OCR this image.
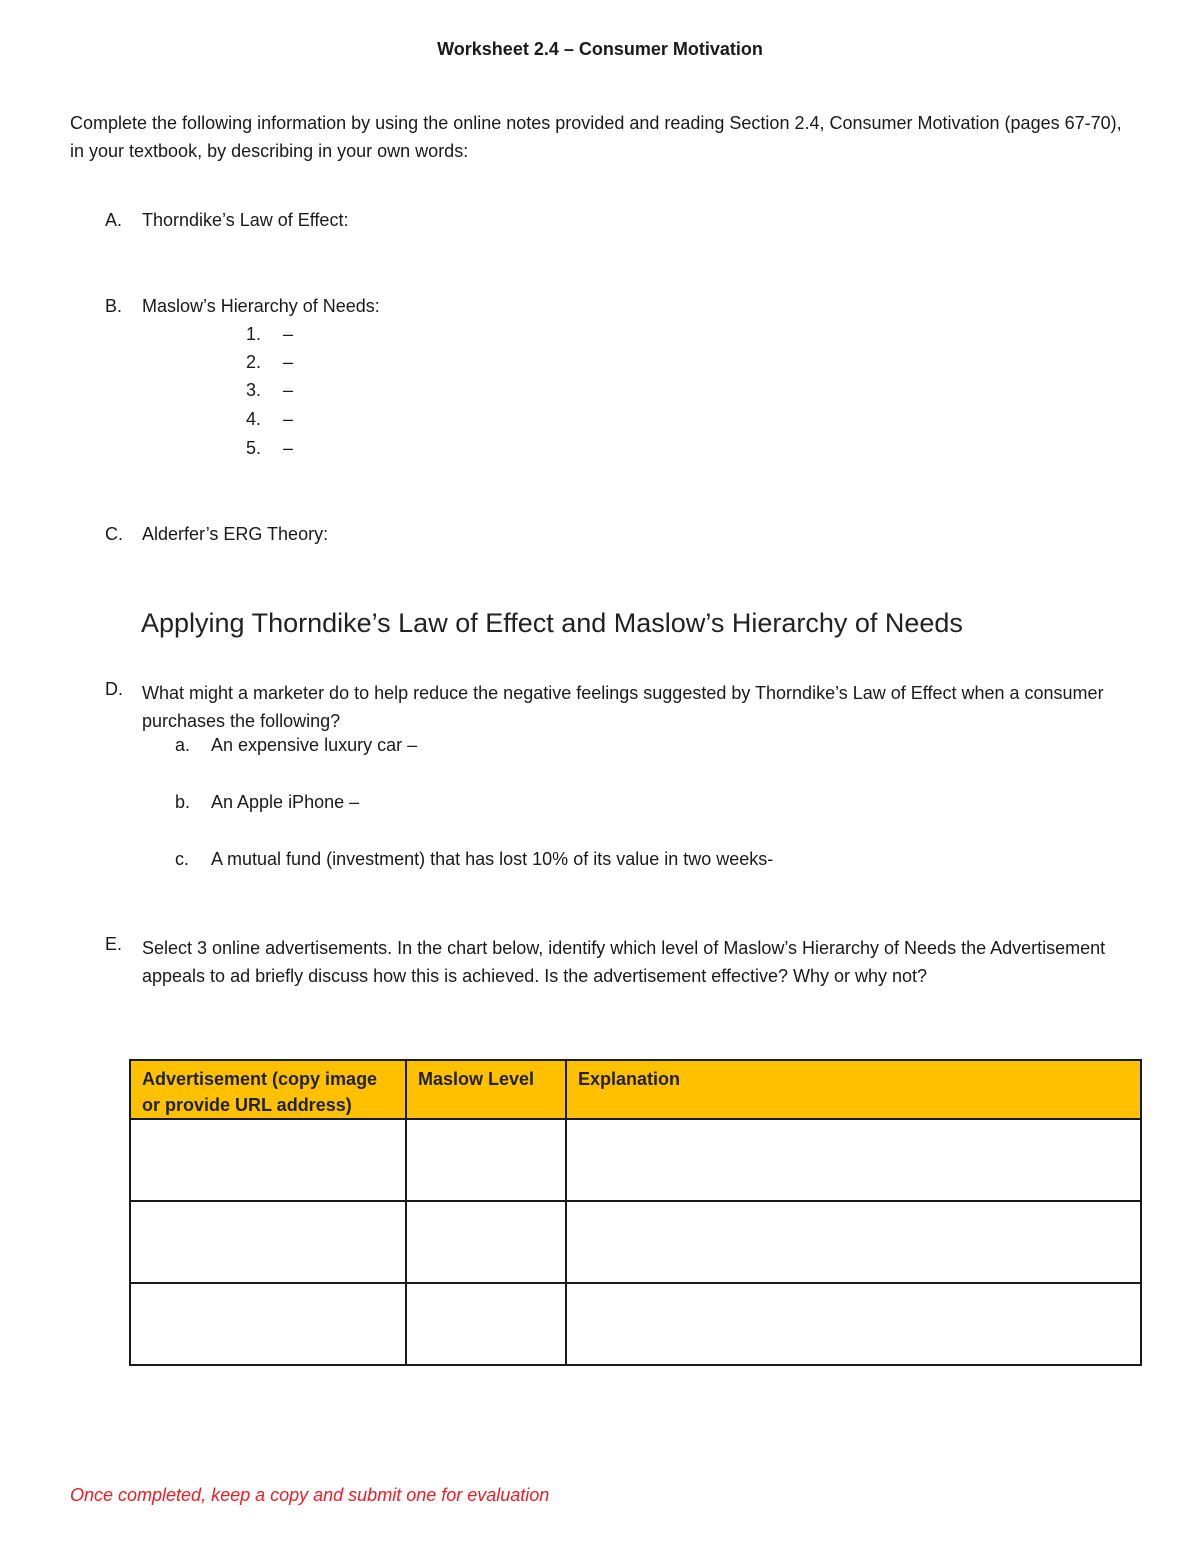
Worksheet 2.4 – Consumer Motivation
Complete the following information by using the online notes provided and reading Section 2.4, Consumer Motivation (pages 67-70), in your textbook, by describing in your own words:
A. Thorndike’s Law of Effect:
B. Maslow’s Hierarchy of Needs:
1. –
2. –
3. –
4. –
5. –
C. Alderfer’s ERG Theory:
Applying Thorndike’s Law of Effect and Maslow’s Hierarchy of Needs
D. What might a marketer do to help reduce the negative feelings suggested by Thorndike’s Law of Effect when a consumer purchases the following?
a. An expensive luxury car –
b. An Apple iPhone –
c. A mutual fund (investment) that has lost 10% of its value in two weeks-
E. Select 3 online advertisements. In the chart below, identify which level of Maslow’s Hierarchy of Needs the Advertisement appeals to ad briefly discuss how this is achieved. Is the advertisement effective? Why or why not?
Advertisement (copy image or provide URL address)	Maslow Level	Explanation

Once completed, keep a copy and submit one for evaluation
